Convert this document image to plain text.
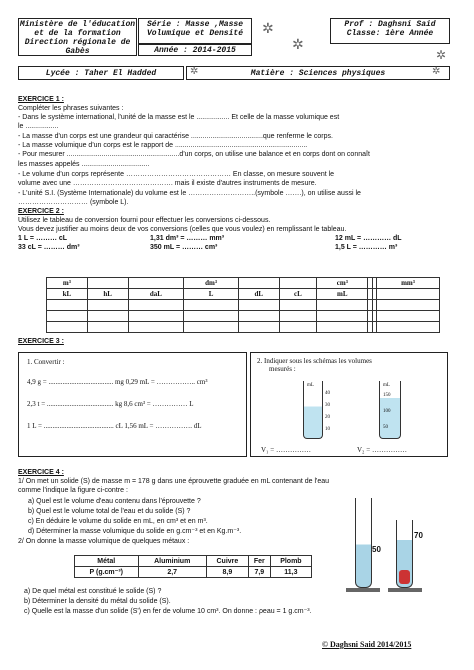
Ministère de l'éducation
et de la formation
Direction régionale de Gabès
Série : Masse ,Masse
Volumique et Densité
Année : 2014-2015
Prof : Daghsni Said
Classe: 1ère Année
✲
✲
✲
Lycée : Taher El Hadded	Matière : Sciences physiques
✲	✲
EXERCICE 1 :
Compléter les phrases suivantes :
- Dans le système international, l'unité de la masse est le ................. Et celle de la masse volumique est
le .................
- La masse d'un corps est une grandeur qui caractérise .....................................que renferme le corps.
- La masse volumique d'un corps est le rapport de ....................................................................
- Pour mesurer ..........................................................d'un corps, on utilise une balance et en corps dont on connaît
les masses appelés ...................................
- Le volume d'un corps représente ……………………………………… En classe, on mesure souvent le
volume avec une ……………………………………. mais il existe d'autres instruments de mesure.
- L'unité S.I. (Système Internationale) du volume est le ………………………..(symbole …….), on utilise aussi le
………………………… (symbole L).
EXERCICE 2 :
Utilisez le tableau de conversion fourni pour effectuer les conversions ci-dessous.
Vous devez justifier au moins deux de vos conversions (celles que vous voulez) en remplissant le tableau.
1 L = ……… cL	1,31 dm³ = ……… mm³	12 mL = ………… dL
33 cL = ……… dm³	350 mL = ……… cm³	1,5 L = ………… m³
m³			dm³			cm³			mm³
kL	hL	daL	L	dL	cL	mL			

EXERCICE 3 :
1. Convertir :
4,9 g = ..................................... mg 0,29 mL = …………….. cm³
2,3 t = ...................................... kg 8,6 cm³ = …………… L
1 L = ........................................ cL 1,56 mL = ……………. dL
2. Indiquer sous les schémas les volumes
mesurés :
mL
40
30
20
10
mL
150
100
50
V₁ = ……………	V₂ = ……………
EXERCICE 4 :
1/ On met un solide (S) de masse m = 178 g dans une éprouvette graduée en mL contenant de l'eau
comme l'indique la figure ci-contre :
a) Quel est le volume d'eau contenu dans l'éprouvette ?
b) Quel est le volume total de l'eau et du solide (S) ?
c) En déduire le volume du solide en mL, en cm³ et en m³.
d) Déterminer la masse volumique du solide en g.cm⁻³ et en Kg.m⁻³.
2/ On donne la masse volumique de quelques métaux :
Métal	Aluminium	Cuivre	Fer	Plomb
P (g.cm⁻³)	2,7	8,9	7,9	11,3
a) De quel métal est constitué le solide (S) ?
b) Déterminer la densité du métal du solide (S).
c) Quelle est la masse d'un solide (S') en fer de volume 10 cm³. On donne : ρeau = 1 g.cm⁻³.
50
70
© Daghsni Said 2014/2015
